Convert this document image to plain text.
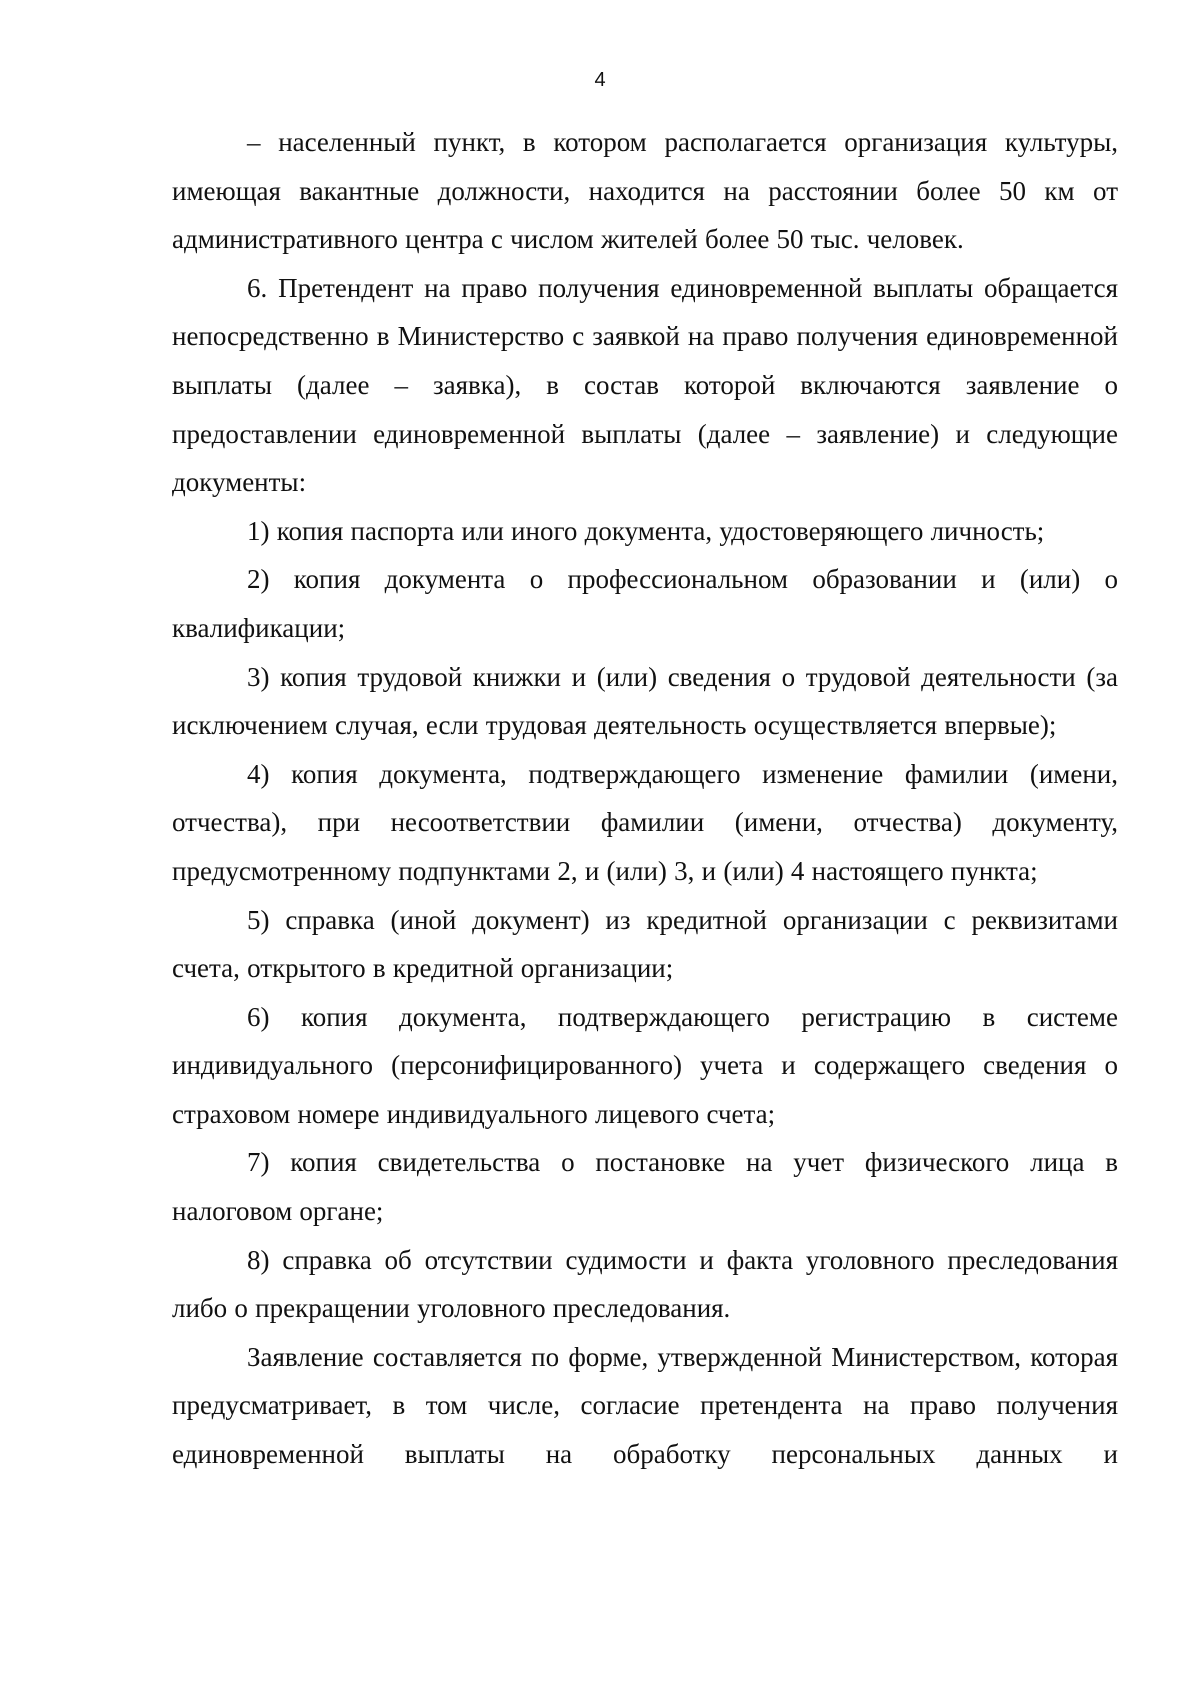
4

– населенный пункт, в котором располагается организация культуры, имеющая вакантные должности, находится на расстоянии более 50 км от административного центра с числом жителей более 50 тыс. человек.

6. Претендент на право получения единовременной выплаты обращается непосредственно в Министерство с заявкой на право получения единовременной выплаты (далее – заявка), в состав которой включаются заявление о предоставлении единовременной выплаты (далее – заявление) и следующие документы:

1) копия паспорта или иного документа, удостоверяющего личность;

2) копия документа о профессиональном образовании и (или) о квалификации;

3) копия трудовой книжки и (или) сведения о трудовой деятельности (за исключением случая, если трудовая деятельность осуществляется впервые);

4) копия документа, подтверждающего изменение фамилии (имени, отчества), при несоответствии фамилии (имени, отчества) документу, предусмотренному подпунктами 2, и (или) 3, и (или) 4 настоящего пункта;

5) справка (иной документ) из кредитной организации с реквизитами счета, открытого в кредитной организации;

6) копия документа, подтверждающего регистрацию в системе индивидуального (персонифицированного) учета и содержащего сведения о страховом номере индивидуального лицевого счета;

7) копия свидетельства о постановке на учет физического лица в налоговом органе;

8) справка об отсутствии судимости и факта уголовного преследования либо о прекращении уголовного преследования.

Заявление составляется по форме, утвержденной Министерством, которая предусматривает, в том числе, согласие претендента на право получения единовременной выплаты на обработку персональных данных и
